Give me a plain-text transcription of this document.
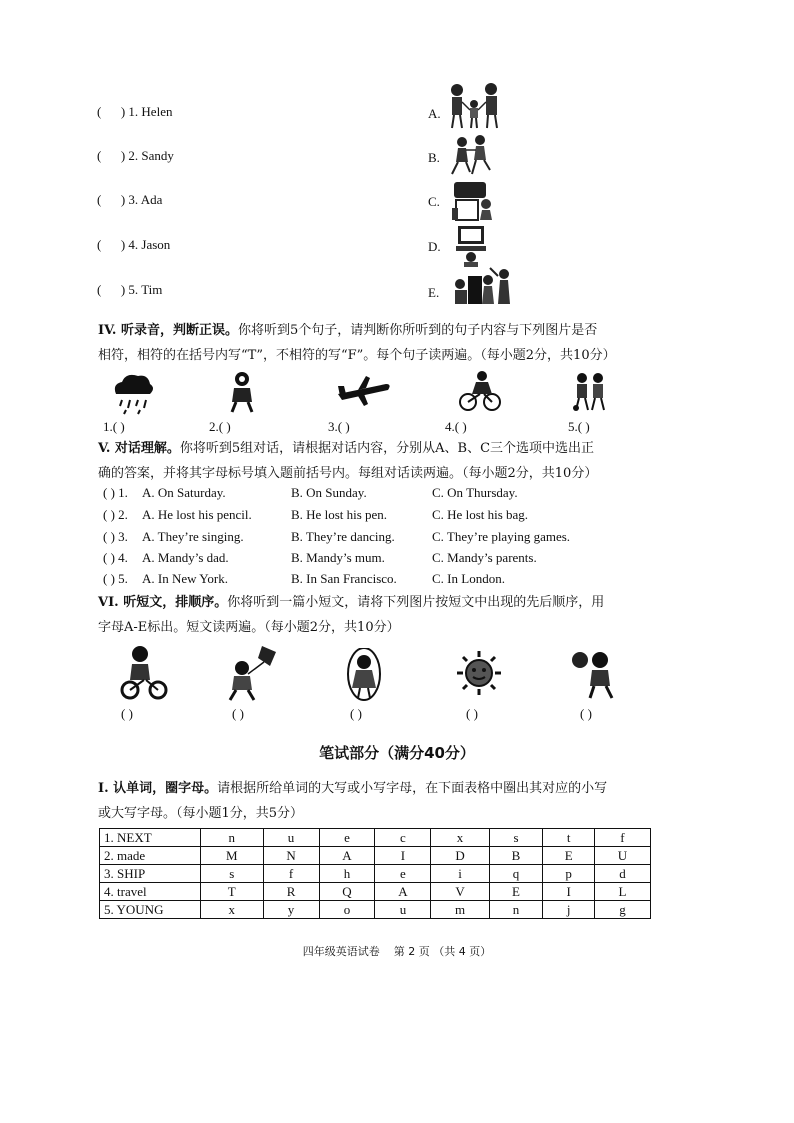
(      ) 1. Helen
(      ) 2. Sandy
(      ) 3. Ada
(      ) 4. Jason
(      ) 5. Tim
A.
B.
C.
D.
E.
IV. 听录音，判断正误。你将听到5个句子，请判断你所听到的句子内容与下列图片是否
相符，相符的在括号内写“T”，不相符的写“F”。每个句子读两遍。（每小题2分，共10分）
1.( )	2.( )	3.( )	4.( )	5.( )
V. 对话理解。你将听到5组对话，请根据对话内容，分别从A、B、C三个选项中选出正
确的答案，并将其字母标号填入题前括号内。每组对话读两遍。（每小题2分，共10分）
( ) 1. A. On Saturday.	B. On Sunday.	C. On Thursday.
( ) 2. A. He lost his pencil.	B. He lost his pen.	C. He lost his bag.
( ) 3. A. They’re singing.	B. They’re dancing.	C. They’re playing games.
( ) 4. A. Mandy’s dad.	B. Mandy’s mum.	C. Mandy’s parents.
( ) 5. A. In New York.	B. In San Francisco.	C. In London.
VI. 听短文，排顺序。你将听到一篇小短文，请将下列图片按短文中出现的先后顺序，用
字母A-E标出。短文读两遍。（每小题2分，共10分）
( )	( )	( )	( )	( )
笔试部分（满分40分）
I. 认单词，圈字母。请根据所给单词的大写或小写字母，在下面表格中圈出其对应的小写
或大写字母。（每小题1分，共5分）
1. NEXT	n	u	e	c	x	s	t	f
2. made	M	N	A	I	D	B	E	U
3. SHIP	s	f	h	e	i	q	p	d
4. travel	T	R	Q	A	V	E	I	L
5. YOUNG	x	y	o	u	m	n	j	g
四年级英语试卷    第 2 页 （共 4 页）
